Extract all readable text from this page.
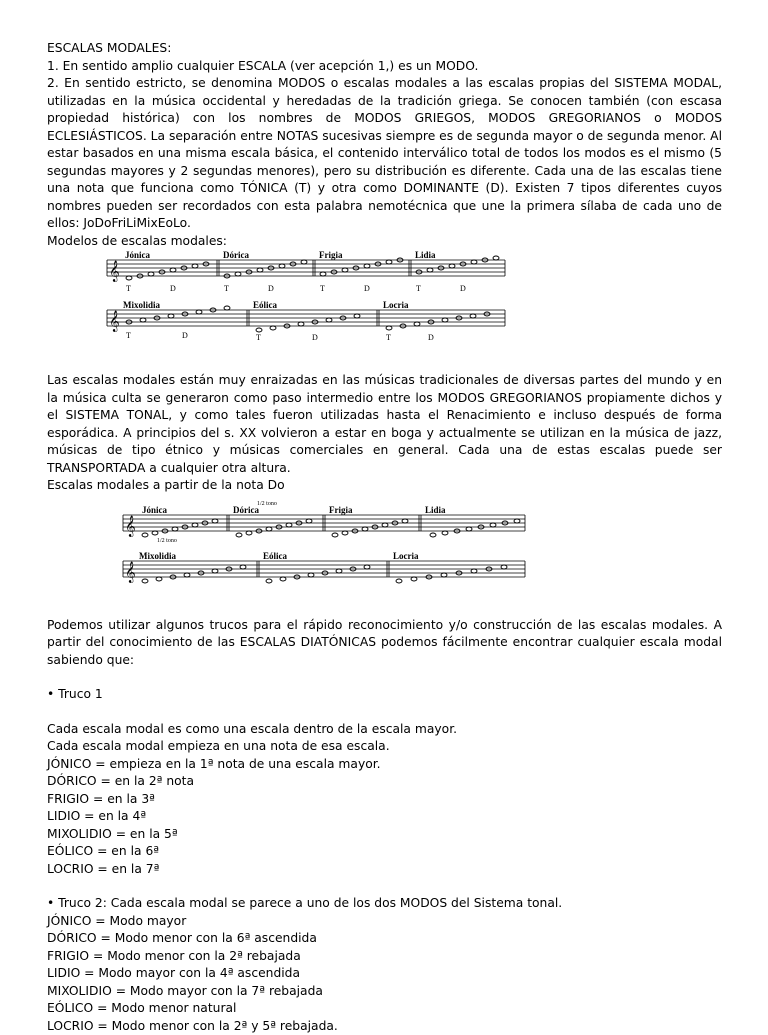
ESCALAS MODALES:

1. En sentido amplio cualquier ESCALA (ver acepción 1,) es un MODO.

2. En sentido estricto, se denomina MODOS o escalas modales a las escalas propias del SISTEMA MODAL, utilizadas en la música occidental y heredadas de la tradición griega. Se conocen también (con escasa propiedad histórica) con los nombres de MODOS GRIEGOS, MODOS GREGORIANOS o MODOS ECLESIÁSTICOS. La separación entre NOTAS sucesivas siempre es de segunda mayor o de segunda menor. Al estar basados en una misma escala básica, el contenido interválico total de todos los modos es el mismo (5 segundas mayores y 2 segundas menores), pero su distribución es diferente. Cada una de las escalas tiene una nota que funciona como TÓNICA (T) y otra como DOMINANTE (D). Existen 7 tipos diferentes cuyos nombres pueden ser recordados con esta palabra nemotécnica que une la primera sílaba de cada uno de ellos: JoDoFriLiMixEoLo.

Modelos de escalas modales:

𝄞
Jónica	Dórica	Frigia	Lidia
T	D	T	D	T	D	T	D
𝄞
Mixolidia	Eólica	Locria
T	D	T	D	T	D

Las escalas modales están muy enraizadas en las músicas tradicionales de diversas partes del mundo y en la música culta se generaron como paso intermedio entre los MODOS GREGORIANOS propiamente dichos y el SISTEMA TONAL, y como tales fueron utilizadas hasta el Renacimiento e incluso después de forma esporádica. A principios del s. XX volvieron a estar en boga y actualmente se utilizan en la música de jazz, músicas de tipo étnico y músicas comerciales en general. Cada una de estas escalas puede ser TRANSPORTADA a cualquier otra altura.

Escalas modales a partir de la nota Do

𝄞
Jónica	Dórica	Frigia	Lidia
1/2 tono
1/2 tono
𝄞
Mixolidia	Eólica	Locria

Podemos utilizar algunos trucos para el rápido reconocimiento y/o construcción de las escalas modales. A partir del conocimiento de las ESCALAS DIATÓNICAS podemos fácilmente encontrar cualquier escala modal sabiendo que:

• Truco 1

Cada escala modal es como una escala dentro de la escala mayor.

Cada escala modal empieza en una nota de esa escala.

JÓNICO = empieza en la 1ª nota de una escala mayor.

DÓRICO = en la 2ª nota

FRIGIO = en la 3ª

LIDIO = en la 4ª

MIXOLIDIO = en la 5ª

EÓLICO = en la 6ª

LOCRIO = en la 7ª

• Truco 2: Cada escala modal se parece a uno de los dos MODOS del Sistema tonal.

JÓNICO = Modo mayor

DÓRICO = Modo menor con la 6ª ascendida

FRIGIO = Modo menor con la 2ª rebajada

LIDIO = Modo mayor con la 4ª ascendida

MIXOLIDIO = Modo mayor con la 7ª rebajada

EÓLICO = Modo menor natural

LOCRIO = Modo menor con la 2ª y 5ª rebajada.
